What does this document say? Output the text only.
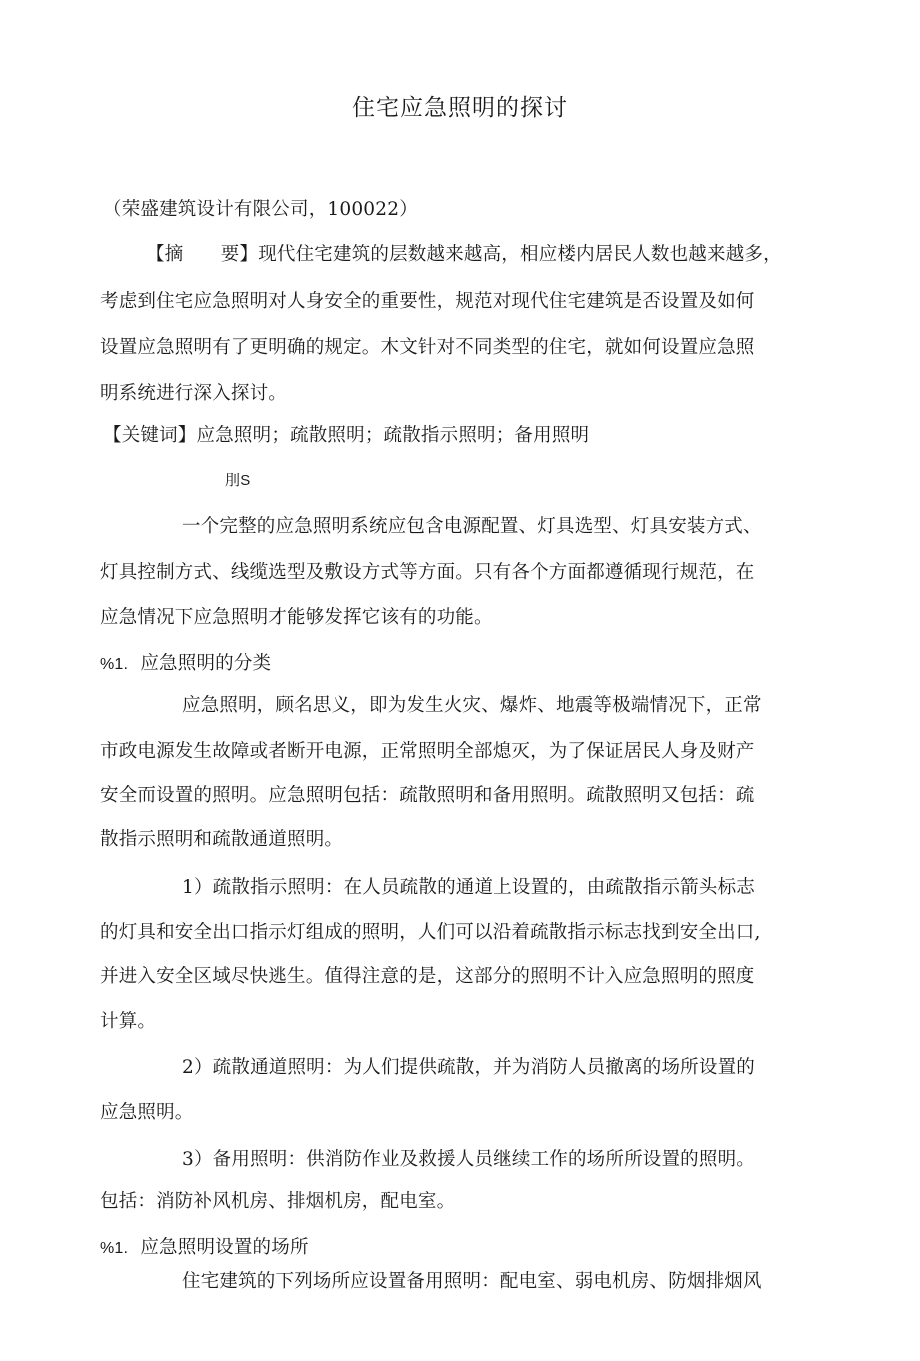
住宅应急照明的探讨
（荣盛建筑设计有限公司，100022）
【摘　　要】现代住宅建筑的层数越来越高，相应楼内居民人数也越来越多，
考虑到住宅应急照明对人身安全的重要性，规范对现代住宅建筑是否设置及如何
设置应急照明有了更明确的规定。木文针对不同类型的住宅，就如何设置应急照
明系统进行深入探讨。
【关键词】应急照明；疏散照明；疏散指示照明；备用照明
刖S
一个完整的应急照明系统应包含电源配置、灯具选型、灯具安装方式、
灯具控制方式、线缆选型及敷设方式等方面。只有各个方面都遵循现行规范，在
应急情况下应急照明才能够发挥它该有的功能。
%1. 应急照明的分类
应急照明，顾名思义，即为发生火灾、爆炸、地震等极端情况下，正常
市政电源发生故障或者断开电源，正常照明全部熄灭，为了保证居民人身及财产
安全而设置的照明。应急照明包括：疏散照明和备用照明。疏散照明又包括：疏
散指示照明和疏散通道照明。
1）疏散指示照明：在人员疏散的通道上设置的，由疏散指示箭头标志
的灯具和安全出口指示灯组成的照明，人们可以沿着疏散指示标志找到安全出口,
并进入安全区域尽快逃生。值得注意的是，这部分的照明不计入应急照明的照度
计算。
2）疏散通道照明：为人们提供疏散，并为消防人员撤离的场所设置的
应急照明。
3）备用照明：供消防作业及救援人员继续工作的场所所设置的照明。
包括：消防补风机房、排烟机房，配电室。
%1. 应急照明设置的场所
住宅建筑的下列场所应设置备用照明：配电室、弱电机房、防烟排烟风
